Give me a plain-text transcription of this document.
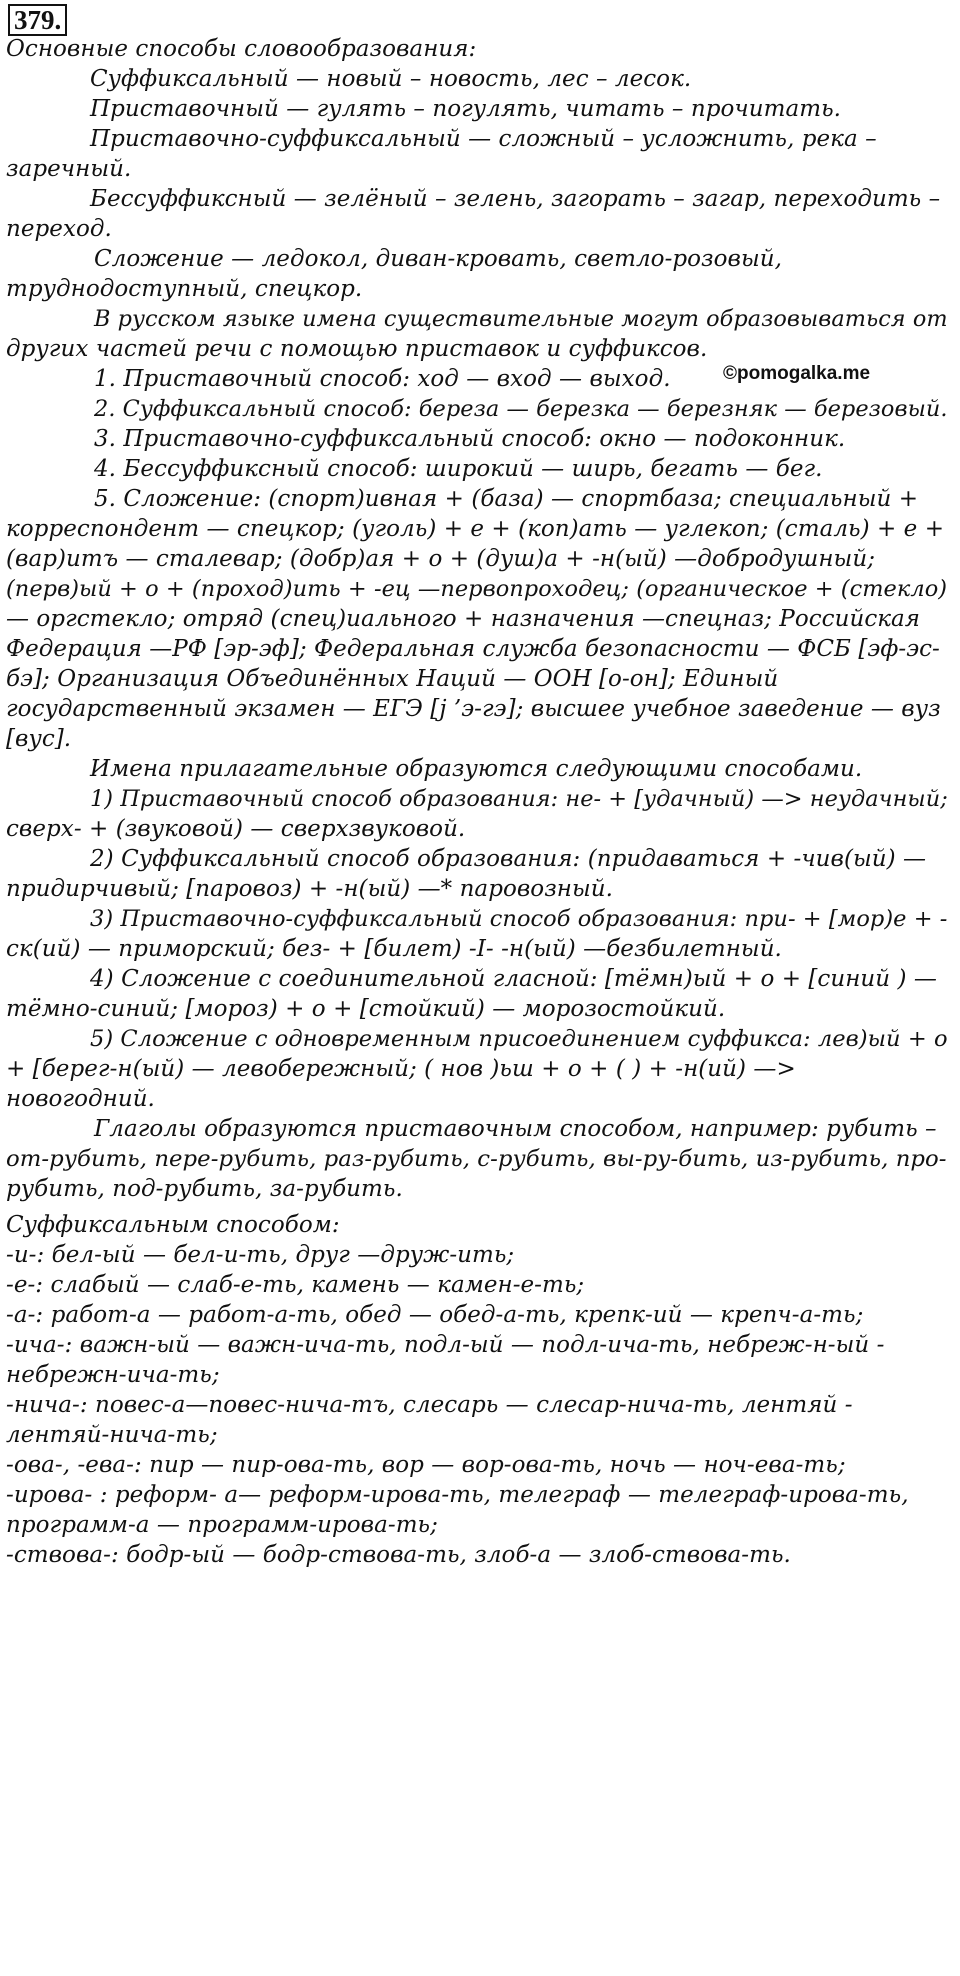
379.
Основные способы словообразования:
Суффиксальный — новый – новость, лес – лесок.
Приставочный — гулять – погулять, читать – прочитать.
Приставочно-суффиксальный — сложный – усложнить, река –
заречный.
Бессуффиксный — зелёный – зелень, загорать – загар, переходить –
переход.
Сложение — ледокол, диван-кровать, светло-розовый,
труднодоступный, спецкор.
В русском языке имена существительные могут образовываться от
других частей речи с помощью приставок и суффиксов.
1. Приставочный способ: ход — вход — выход.
2. Суффиксальный способ: береза — березка — березняк — березовый.
3. Приставочно-суффиксальный способ: окно — подоконник.
4. Бессуффиксный способ: широкий — ширь, бегать — бег.
5. Сложение: (спорт)ивная + (база) — спортбаза; специальный +
корреспондент — спецкор; (уголь) + е + (коп)ать — углекоп; (сталь) + е +
(вар)итъ — сталевар; (добр)ая + о + (душ)а + -н(ый) —добродушный;
(перв)ый + о + (проход)ить + -ец —первопроходец; (органическое + (стекло)
— оргстекло; отряд (спец)иального + назначения —спецназ; Российская
Федерация —РФ [эр-эф]; Федеральная служба безопасности — ФСБ [эф-эс-
бэ]; Организация Объединённых Наций — ООН [о-он]; Единый
государственный экзамен — ЕГЭ [j ’э-гэ]; высшее учебное заведение — вуз
[вус].
Имена прилагательные образуются следующими способами.
1) Приставочный способ образования: не- + [удачный) —> неудачный;
сверх- + (звуковой) — сверхзвуковой.
2) Суффиксальный способ образования: (придаваться + -чив(ый) —
придирчивый; [паровоз) + -н(ый) —* паровозный.
3) Приставочно-суффиксальный способ образования: при- + [мор)е + -
ск(ий) — приморский; без- + [билет) -I- -н(ый) —безбилетный.
4) Сложение с соединительной гласной: [тёмн)ый + о + [синий ) —
тёмно-синий; [мороз) + о + [стойкий) — морозостойкий.
5) Сложение с одновременным присоединением суффикса: лев)ый + о
+ [берег-н(ый) — левобережный; ( нов )ьш + о + ( ) + -н(ий) —>
новогодний.
Глаголы образуются приставочным способом, например: рубить –
от-рубить, пере-рубить, раз-рубить, с-рубить, вы-ру-бить, из-рубить, про-
рубить, под-рубить, за-рубить.
Суффиксальным способом:
-и-: бел-ый — бел-и-ть, друг —друж-ить;
-е-: слабый — слаб-е-ть, камень — камен-е-ть;
-а-: работ-а — работ-а-ть, обед — обед-а-ть, крепк-ий — крепч-а-ть;
-ича-: важн-ый — важн-ича-ть, подл-ый — подл-ича-ть, небреж-н-ый -
небрежн-ича-ть;
-нича-: повес-а—повес-нича-тъ, слесарь — слесар-нича-ть, лентяй -
лентяй-нича-ть;
-ова-, -ева-: пир — пир-ова-ть, вор — вор-ова-ть, ночь — ноч-ева-ть;
-ирова- : реформ- а— реформ-ирова-ть, телеграф — телеграф-ирова-ть,
программ-а — программ-ирова-ть;
-ствова-: бодр-ый — бодр-ствова-ть, злоб-а — злоб-ствова-ть.
©pomogalka.me
